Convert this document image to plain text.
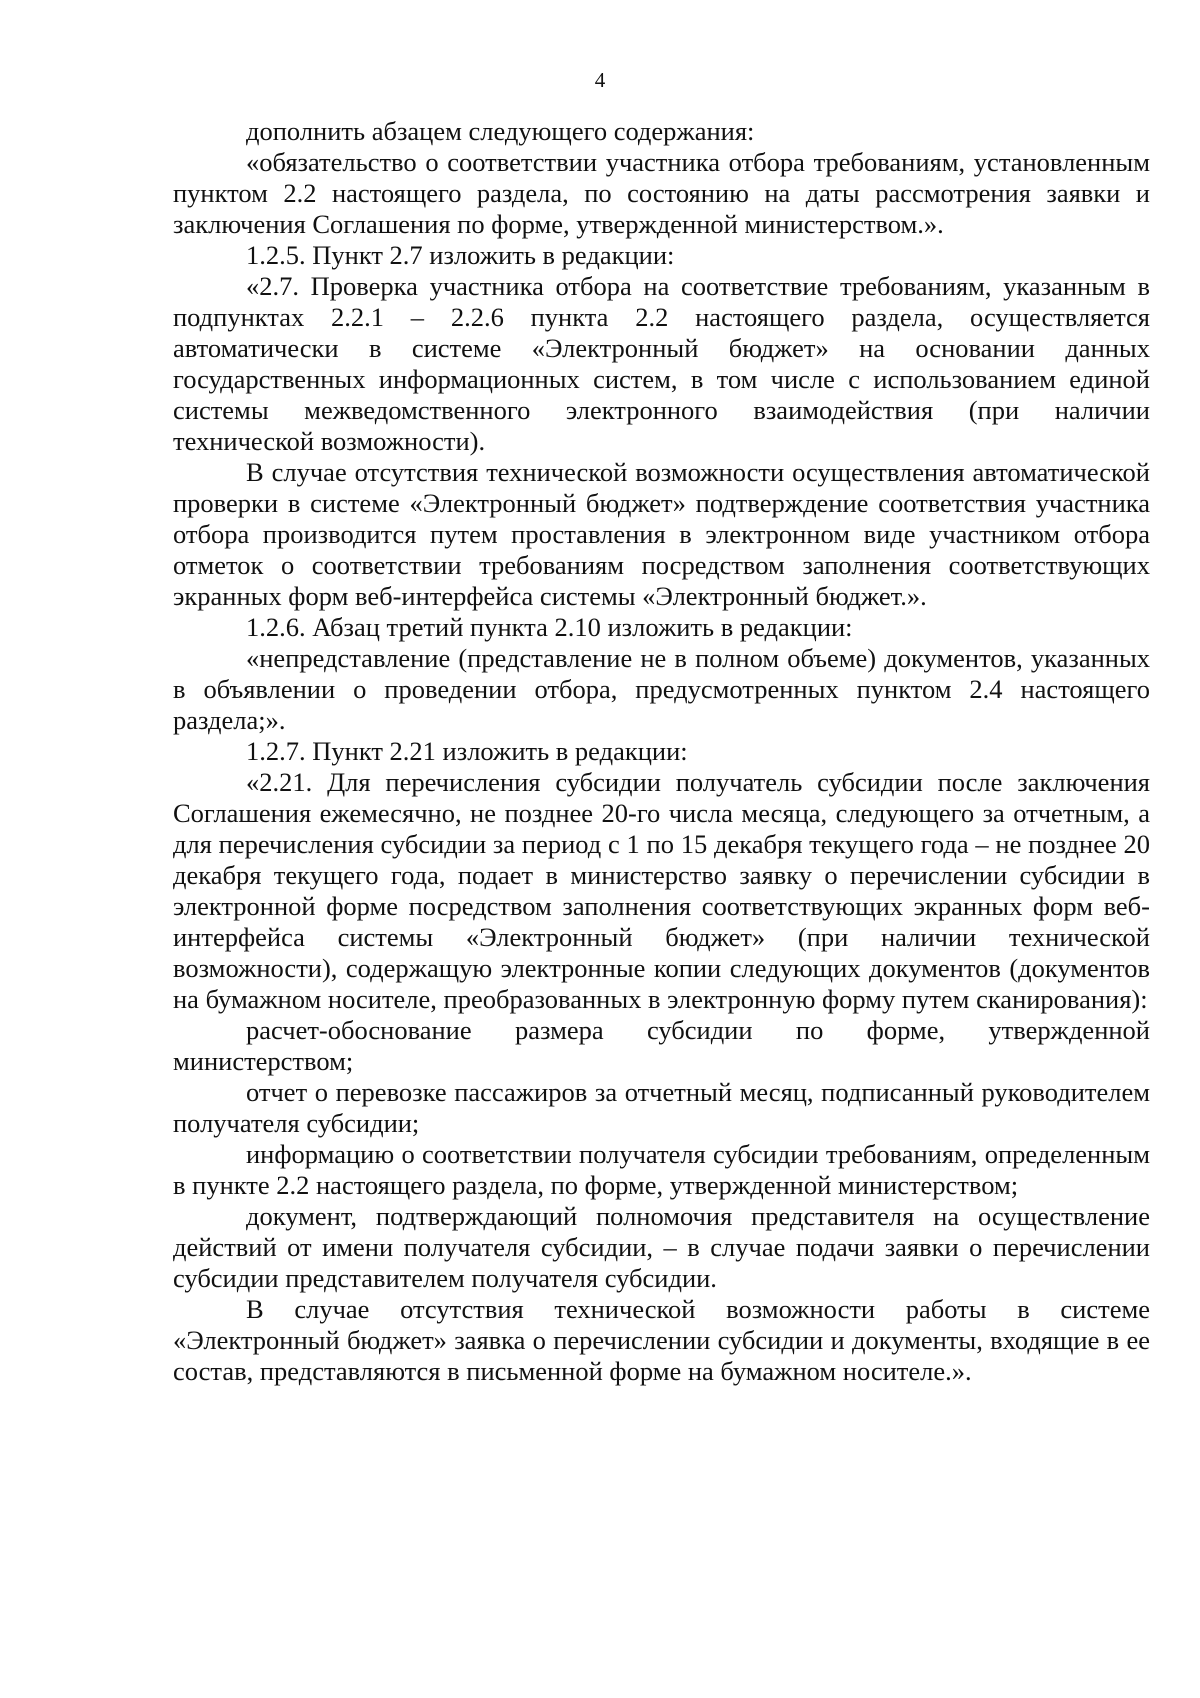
4

дополнить абзацем следующего содержания:

«обязательство о соответствии участника отбора требованиям, установленным пунктом 2.2 настоящего раздела, по состоянию на даты рассмотрения заявки и заключения Соглашения по форме, утвержденной министерством.».

1.2.5. Пункт 2.7 изложить в редакции:

«2.7. Проверка участника отбора на соответствие требованиям, указанным в подпунктах 2.2.1 – 2.2.6 пункта 2.2 настоящего раздела, осуществляется автоматически в системе «Электронный бюджет» на основании данных государственных информационных систем, в том числе с использованием единой системы межведомственного электронного взаимодействия (при наличии технической возможности).

В случае отсутствия технической возможности осуществления автоматической проверки в системе «Электронный бюджет» подтверждение соответствия участника отбора производится путем проставления в электронном виде участником отбора отметок о соответствии требованиям посредством заполнения соответствующих экранных форм веб-интерфейса системы «Электронный бюджет.».

1.2.6. Абзац третий пункта 2.10 изложить в редакции:

«непредставление (представление не в полном объеме) документов, указанных в объявлении о проведении отбора, предусмотренных пунктом 2.4 настоящего раздела;».

1.2.7. Пункт 2.21 изложить в редакции:

«2.21. Для перечисления субсидии получатель субсидии после заключения Соглашения ежемесячно, не позднее 20-го числа месяца, следующего за отчетным, а для перечисления субсидии за период с 1 по 15 декабря текущего года – не позднее 20 декабря текущего года, подает в министерство заявку о перечислении субсидии в электронной форме посредством заполнения соответствующих экранных форм веб-интерфейса системы «Электронный бюджет» (при наличии технической возможности), содержащую электронные копии следующих документов (документов на бумажном носителе, преобразованных в электронную форму путем сканирования):

расчет-обоснование размера субсидии по форме, утвержденной министерством;

отчет о перевозке пассажиров за отчетный месяц, подписанный руководителем получателя субсидии;

информацию о соответствии получателя субсидии требованиям, определенным в пункте 2.2 настоящего раздела, по форме, утвержденной министерством;

документ, подтверждающий полномочия представителя на осуществление действий от имени получателя субсидии, – в случае подачи заявки о перечислении субсидии представителем получателя субсидии.

В случае отсутствия технической возможности работы в системе «Электронный бюджет» заявка о перечислении субсидии и документы, входящие в ее состав, представляются в письменной форме на бумажном носителе.».
